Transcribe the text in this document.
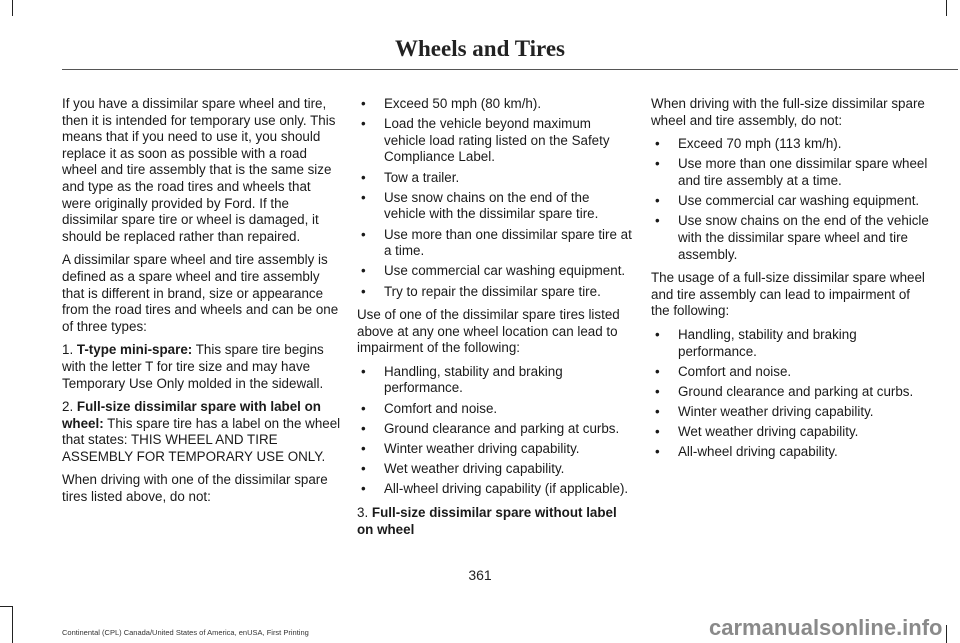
Wheels and Tires

If you have a dissimilar spare wheel and tire, then it is intended for temporary use only. This means that if you need to use it, you should replace it as soon as possible with a road wheel and tire assembly that is the same size and type as the road tires and wheels that were originally provided by Ford. If the dissimilar spare tire or wheel is damaged, it should be replaced rather than repaired.

A dissimilar spare wheel and tire assembly is defined as a spare wheel and tire assembly that is different in brand, size or appearance from the road tires and wheels and can be one of three types:

1. T-type mini-spare: This spare tire begins with the letter T for tire size and may have Temporary Use Only molded in the sidewall.

2. Full-size dissimilar spare with label on wheel: This spare tire has a label on the wheel that states: THIS WHEEL AND TIRE ASSEMBLY FOR TEMPORARY USE ONLY.

When driving with one of the dissimilar spare tires listed above, do not:

• Exceed 50 mph (80 km/h).
• Load the vehicle beyond maximum vehicle load rating listed on the Safety Compliance Label.
• Tow a trailer.
• Use snow chains on the end of the vehicle with the dissimilar spare tire.
• Use more than one dissimilar spare tire at a time.
• Use commercial car washing equipment.
• Try to repair the dissimilar spare tire.

Use of one of the dissimilar spare tires listed above at any one wheel location can lead to impairment of the following:

• Handling, stability and braking performance.
• Comfort and noise.
• Ground clearance and parking at curbs.
• Winter weather driving capability.
• Wet weather driving capability.
• All-wheel driving capability (if applicable).

3. Full-size dissimilar spare without label on wheel

When driving with the full-size dissimilar spare wheel and tire assembly, do not:

• Exceed 70 mph (113 km/h).
• Use more than one dissimilar spare wheel and tire assembly at a time.
• Use commercial car washing equipment.
• Use snow chains on the end of the vehicle with the dissimilar spare wheel and tire assembly.

The usage of a full-size dissimilar spare wheel and tire assembly can lead to impairment of the following:

• Handling, stability and braking performance.
• Comfort and noise.
• Ground clearance and parking at curbs.
• Winter weather driving capability.
• Wet weather driving capability.
• All-wheel driving capability.
361
Continental (CPL) Canada/United States of America, enUSA, First Printing	carmanualsonline.info
